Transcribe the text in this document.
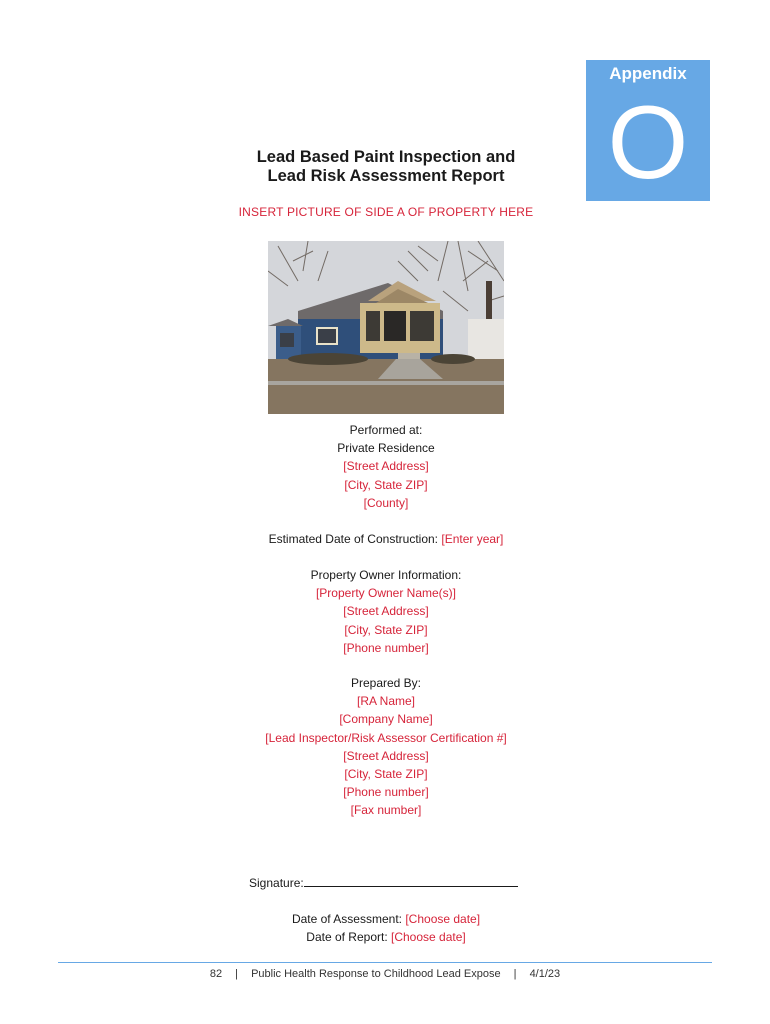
Appendix
O
Lead Based Paint Inspection and
Lead Risk Assessment Report
INSERT PICTURE OF SIDE A OF PROPERTY HERE
Performed at:
Private Residence
[Street Address]
[City, State ZIP]
[County]
Estimated Date of Construction: [Enter year]
Property Owner Information:
[Property Owner Name(s)]
[Street Address]
[City, State ZIP]
[Phone number]
Prepared By:
[RA Name]
[Company Name]
[Lead Inspector/Risk Assessor Certification #]
[Street Address]
[City, State ZIP]
[Phone number]
[Fax number]
Signature:
Date of Assessment: [Choose date]
Date of Report: [Choose date]
82 | Public Health Response to Childhood Lead Expose | 4/1/23
